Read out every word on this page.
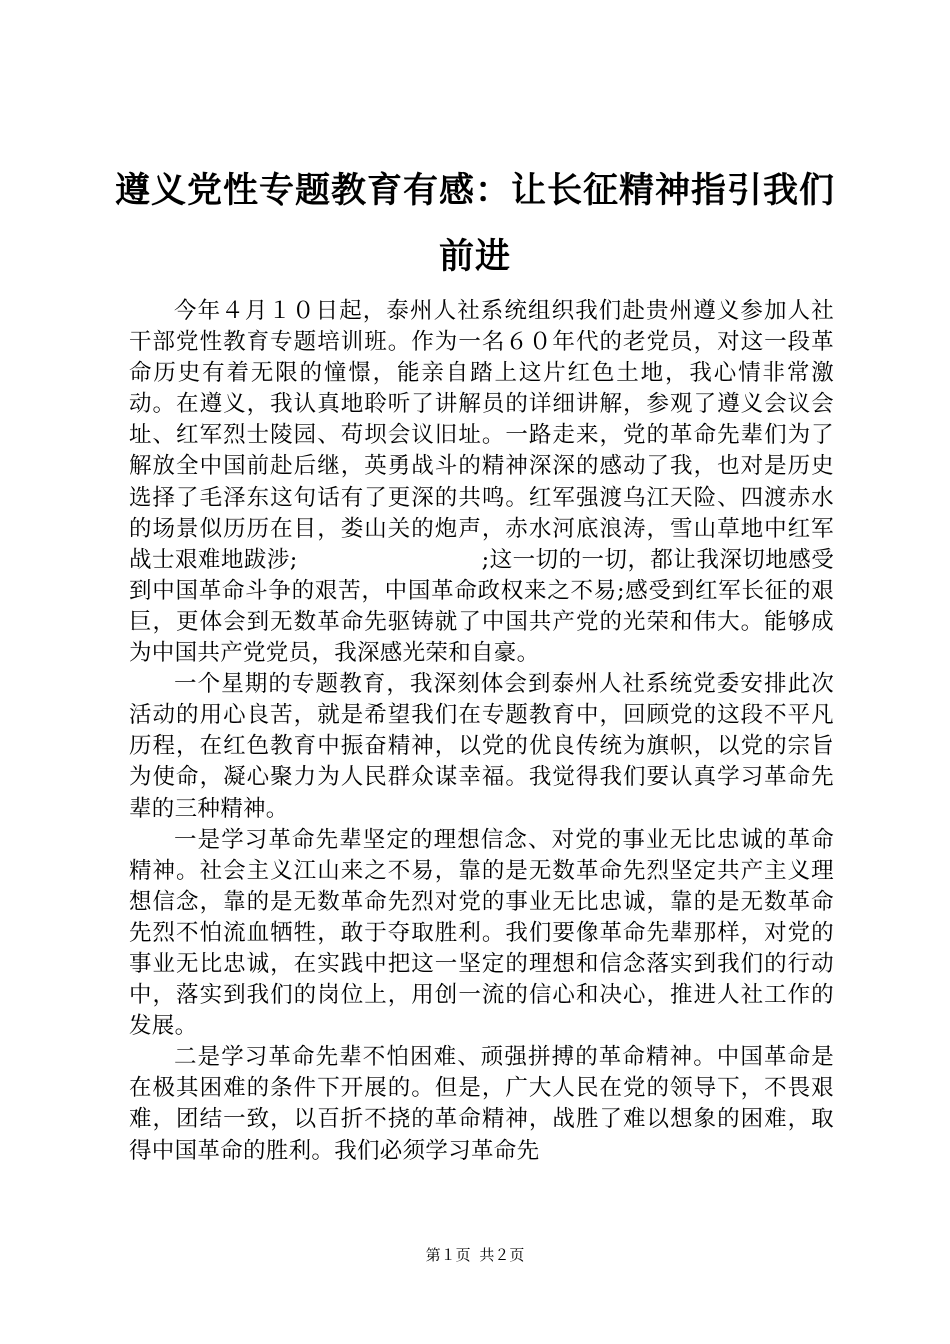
遵义党性专题教育有感：让长征精神指引我们前进

今年４月１０日起，泰州人社系统组织我们赴贵州遵义参加人社干部党性教育专题培训班。作为一名６０年代的老党员，对这一段革命历史有着无限的憧憬，能亲自踏上这片红色土地，我心情非常激动。在遵义，我认真地聆听了讲解员的详细讲解，参观了遵义会议会址、红军烈士陵园、苟坝会议旧址。一路走来，党的革命先辈们为了解放全中国前赴后继，英勇战斗的精神深深的感动了我，也对是历史选择了毛泽东这句话有了更深的共鸣。红军强渡乌江天险、四渡赤水的场景似历历在目，娄山关的炮声，赤水河底浪涛，雪山草地中红军战士艰难地跋涉;　　　　　　　　;这一切的一切，都让我深切地感受到中国革命斗争的艰苦，中国革命政权来之不易;感受到红军长征的艰巨，更体会到无数革命先驱铸就了中国共产党的光荣和伟大。能够成为中国共产党党员，我深感光荣和自豪。

一个星期的专题教育，我深刻体会到泰州人社系统党委安排此次活动的用心良苦，就是希望我们在专题教育中，回顾党的这段不平凡历程，在红色教育中振奋精神，以党的优良传统为旗帜，以党的宗旨为使命，凝心聚力为人民群众谋幸福。我觉得我们要认真学习革命先辈的三种精神。

一是学习革命先辈坚定的理想信念、对党的事业无比忠诚的革命精神。社会主义江山来之不易，靠的是无数革命先烈坚定共产主义理想信念，靠的是无数革命先烈对党的事业无比忠诚，靠的是无数革命先烈不怕流血牺牲，敢于夺取胜利。我们要像革命先辈那样，对党的事业无比忠诚，在实践中把这一坚定的理想和信念落实到我们的行动中，落实到我们的岗位上，用创一流的信心和决心，推进人社工作的发展。

二是学习革命先辈不怕困难、顽强拼搏的革命精神。中国革命是在极其困难的条件下开展的。但是，广大人民在党的领导下，不畏艰难，团结一致，以百折不挠的革命精神，战胜了难以想象的困难，取得中国革命的胜利。我们必须学习革命先

第１页 共２页
